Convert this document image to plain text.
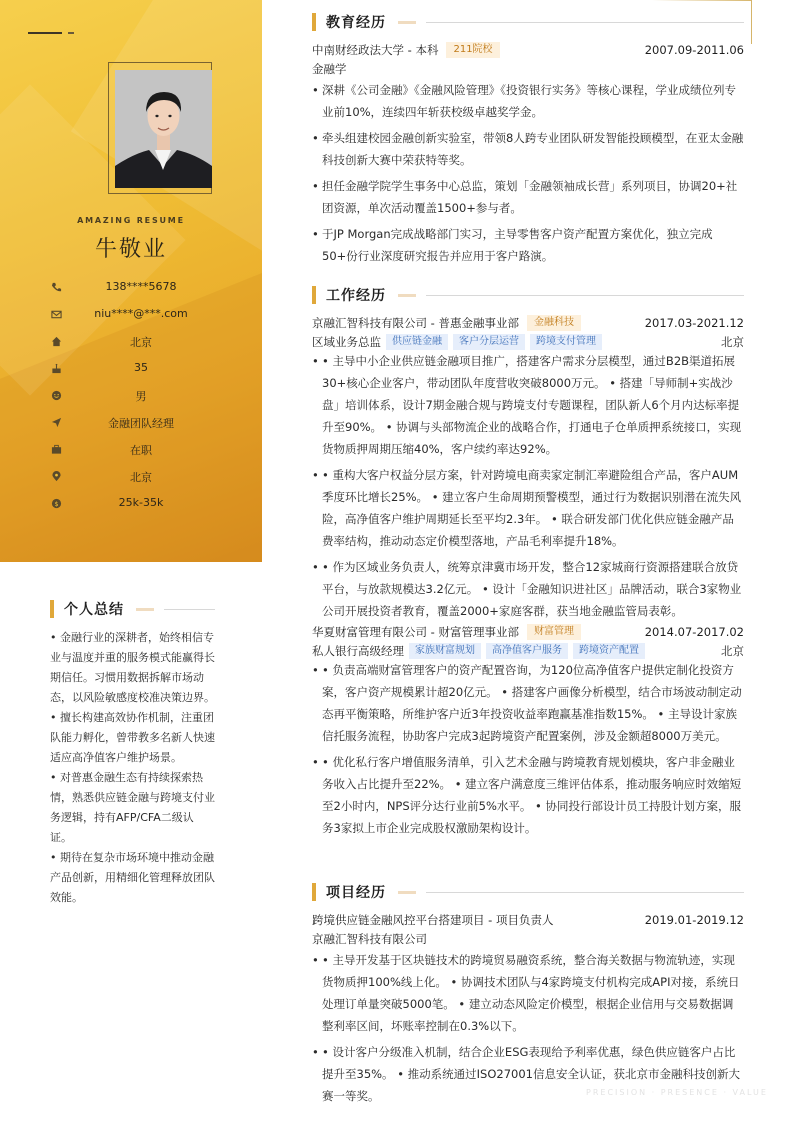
AMAZING RESUME
牛敬业
138****5678
niu****@***.com
北京
35
男
金融团队经理
在职
北京
$	25k-35k
个人总结

• 金融行业的深耕者，始终相信专业与温度并重的服务模式能赢得长期信任。习惯用数据拆解市场动态，以风险敏感度校准决策边界。

• 擅长构建高效协作机制，注重团队能力孵化，曾带教多名新人快速适应高净值客户维护场景。

• 对普惠金融生态有持续探索热情，熟悉供应链金融与跨境支付业务逻辑，持有AFP/CFA二级认证。

• 期待在复杂市场环境中推动金融产品创新，用精细化管理释放团队效能。

教育经历
中南财经政法大学 - 本科	211院校	2007.09-2011.06
金融学
• 深耕《公司金融》《金融风险管理》《投资银行实务》等核心课程，学业成绩位列专业前10%，连续四年斩获校级卓越奖学金。
• 牵头组建校园金融创新实验室，带领8人跨专业团队研发智能投顾模型，在亚太金融科技创新大赛中荣获特等奖。
• 担任金融学院学生事务中心总监，策划「金融领袖成长营」系列项目，协调20+社团资源，单次活动覆盖1500+参与者。
• 于JP Morgan完成战略部门实习，主导零售客户资产配置方案优化，独立完成50+份行业深度研究报告并应用于客户路演。
工作经历
京融汇智科技有限公司 - 普惠金融事业部	金融科技	2017.03-2021.12
区域业务总监	供应链金融	客户分层运营	跨境支付管理	北京
• • 主导中小企业供应链金融项目推广，搭建客户需求分层模型，通过B2B渠道拓展30+核心企业客户，带动团队年度营收突破8000万元。 • 搭建「导师制+实战沙盘」培训体系，设计7期金融合规与跨境支付专题课程，团队新人6个月内达标率提升至90%。 • 协调与头部物流企业的战略合作，打通电子仓单质押系统接口，实现货物质押周期压缩40%，客户续约率达92%。
• • 重构大客户权益分层方案，针对跨境电商卖家定制汇率避险组合产品，客户AUM季度环比增长25%。 • 建立客户生命周期预警模型，通过行为数据识别潜在流失风险，高净值客户维护周期延长至平均2.3年。 • 联合研发部门优化供应链金融产品费率结构，推动动态定价模型落地，产品毛利率提升18%。
• • 作为区域业务负责人，统筹京津冀市场开发，整合12家城商行资源搭建联合放贷平台，与放款规模达3.2亿元。 • 设计「金融知识进社区」品牌活动，联合3家物业公司开展投资者教育，覆盖2000+家庭客群，获当地金融监管局表彰。
华夏财富管理有限公司 - 财富管理事业部	财富管理	2014.07-2017.02
私人银行高级经理	家族财富规划	高净值客户服务	跨境资产配置	北京
• • 负责高端财富管理客户的资产配置咨询，为120位高净值客户提供定制化投资方案，客户资产规模累计超20亿元。 • 搭建客户画像分析模型，结合市场波动制定动态再平衡策略，所维护客户近3年投资收益率跑赢基准指数15%。 • 主导设计家族信托服务流程，协助客户完成3起跨境资产配置案例，涉及金额超8000万美元。
• • 优化私行客户增值服务清单，引入艺术金融与跨境教育规划模块，客户非金融业务收入占比提升至22%。 • 建立客户满意度三维评估体系，推动服务响应时效缩短至2小时内，NPS评分达行业前5%水平。 • 协同投行部设计员工持股计划方案，服务3家拟上市企业完成股权激励架构设计。
项目经历
跨境供应链金融风控平台搭建项目 - 项目负责人	2019.01-2019.12
京融汇智科技有限公司
• • 主导开发基于区块链技术的跨境贸易融资系统，整合海关数据与物流轨迹，实现货物质押100%线上化。 • 协调技术团队与4家跨境支付机构完成API对接，系统日处理订单量突破5000笔。 • 建立动态风险定价模型，根据企业信用与交易数据调整利率区间，坏账率控制在0.3%以下。
• • 设计客户分级准入机制，结合企业ESG表现给予利率优惠，绿色供应链客户占比提升至35%。 • 推动系统通过ISO27001信息安全认证，获北京市金融科技创新大赛一等奖。	PRECISION · PRESENCE · VALUE
